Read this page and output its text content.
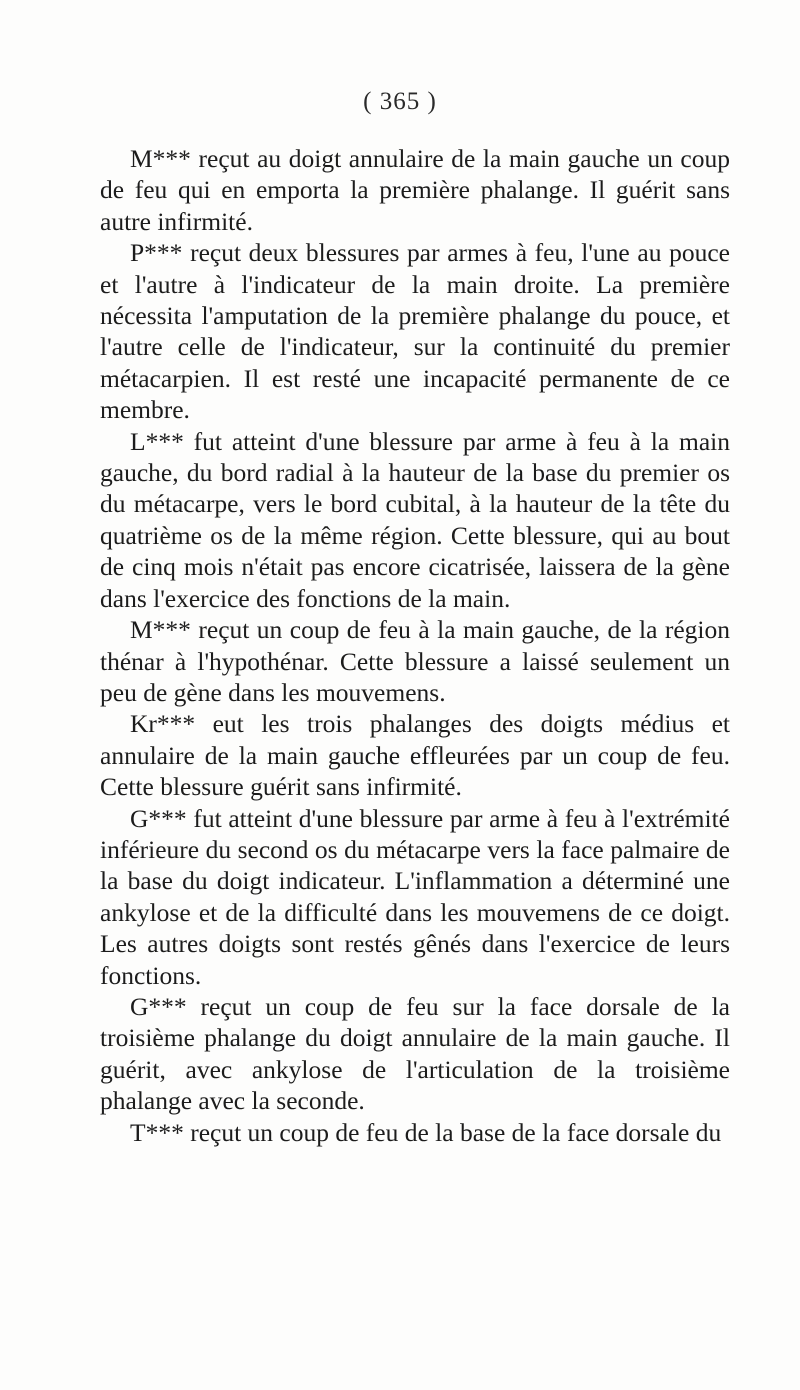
( 365 )

M*** reçut au doigt annulaire de la main gauche un coup de feu qui en emporta la première phalange. Il guérit sans autre infirmité.

P*** reçut deux blessures par armes à feu, l'une au pouce et l'autre à l'indicateur de la main droite. La première nécessita l'amputation de la première phalange du pouce, et l'autre celle de l'indicateur, sur la continuité du premier métacarpien. Il est resté une incapacité permanente de ce membre.

L*** fut atteint d'une blessure par arme à feu à la main gauche, du bord radial à la hauteur de la base du premier os du métacarpe, vers le bord cubital, à la hauteur de la tête du quatrième os de la même région. Cette blessure, qui au bout de cinq mois n'était pas encore cicatrisée, laissera de la gène dans l'exercice des fonctions de la main.

M*** reçut un coup de feu à la main gauche, de la région thénar à l'hypothénar. Cette blessure a laissé seulement un peu de gène dans les mouvemens.

Kr*** eut les trois phalanges des doigts médius et annulaire de la main gauche effleurées par un coup de feu. Cette blessure guérit sans infirmité.

G*** fut atteint d'une blessure par arme à feu à l'extrémité inférieure du second os du métacarpe vers la face palmaire de la base du doigt indicateur. L'inflammation a déterminé une ankylose et de la difficulté dans les mouvemens de ce doigt. Les autres doigts sont restés gênés dans l'exercice de leurs fonctions.

G*** reçut un coup de feu sur la face dorsale de la troisième phalange du doigt annulaire de la main gauche. Il guérit, avec ankylose de l'articulation de la troisième phalange avec la seconde.

T*** reçut un coup de feu de la base de la face dorsale du
